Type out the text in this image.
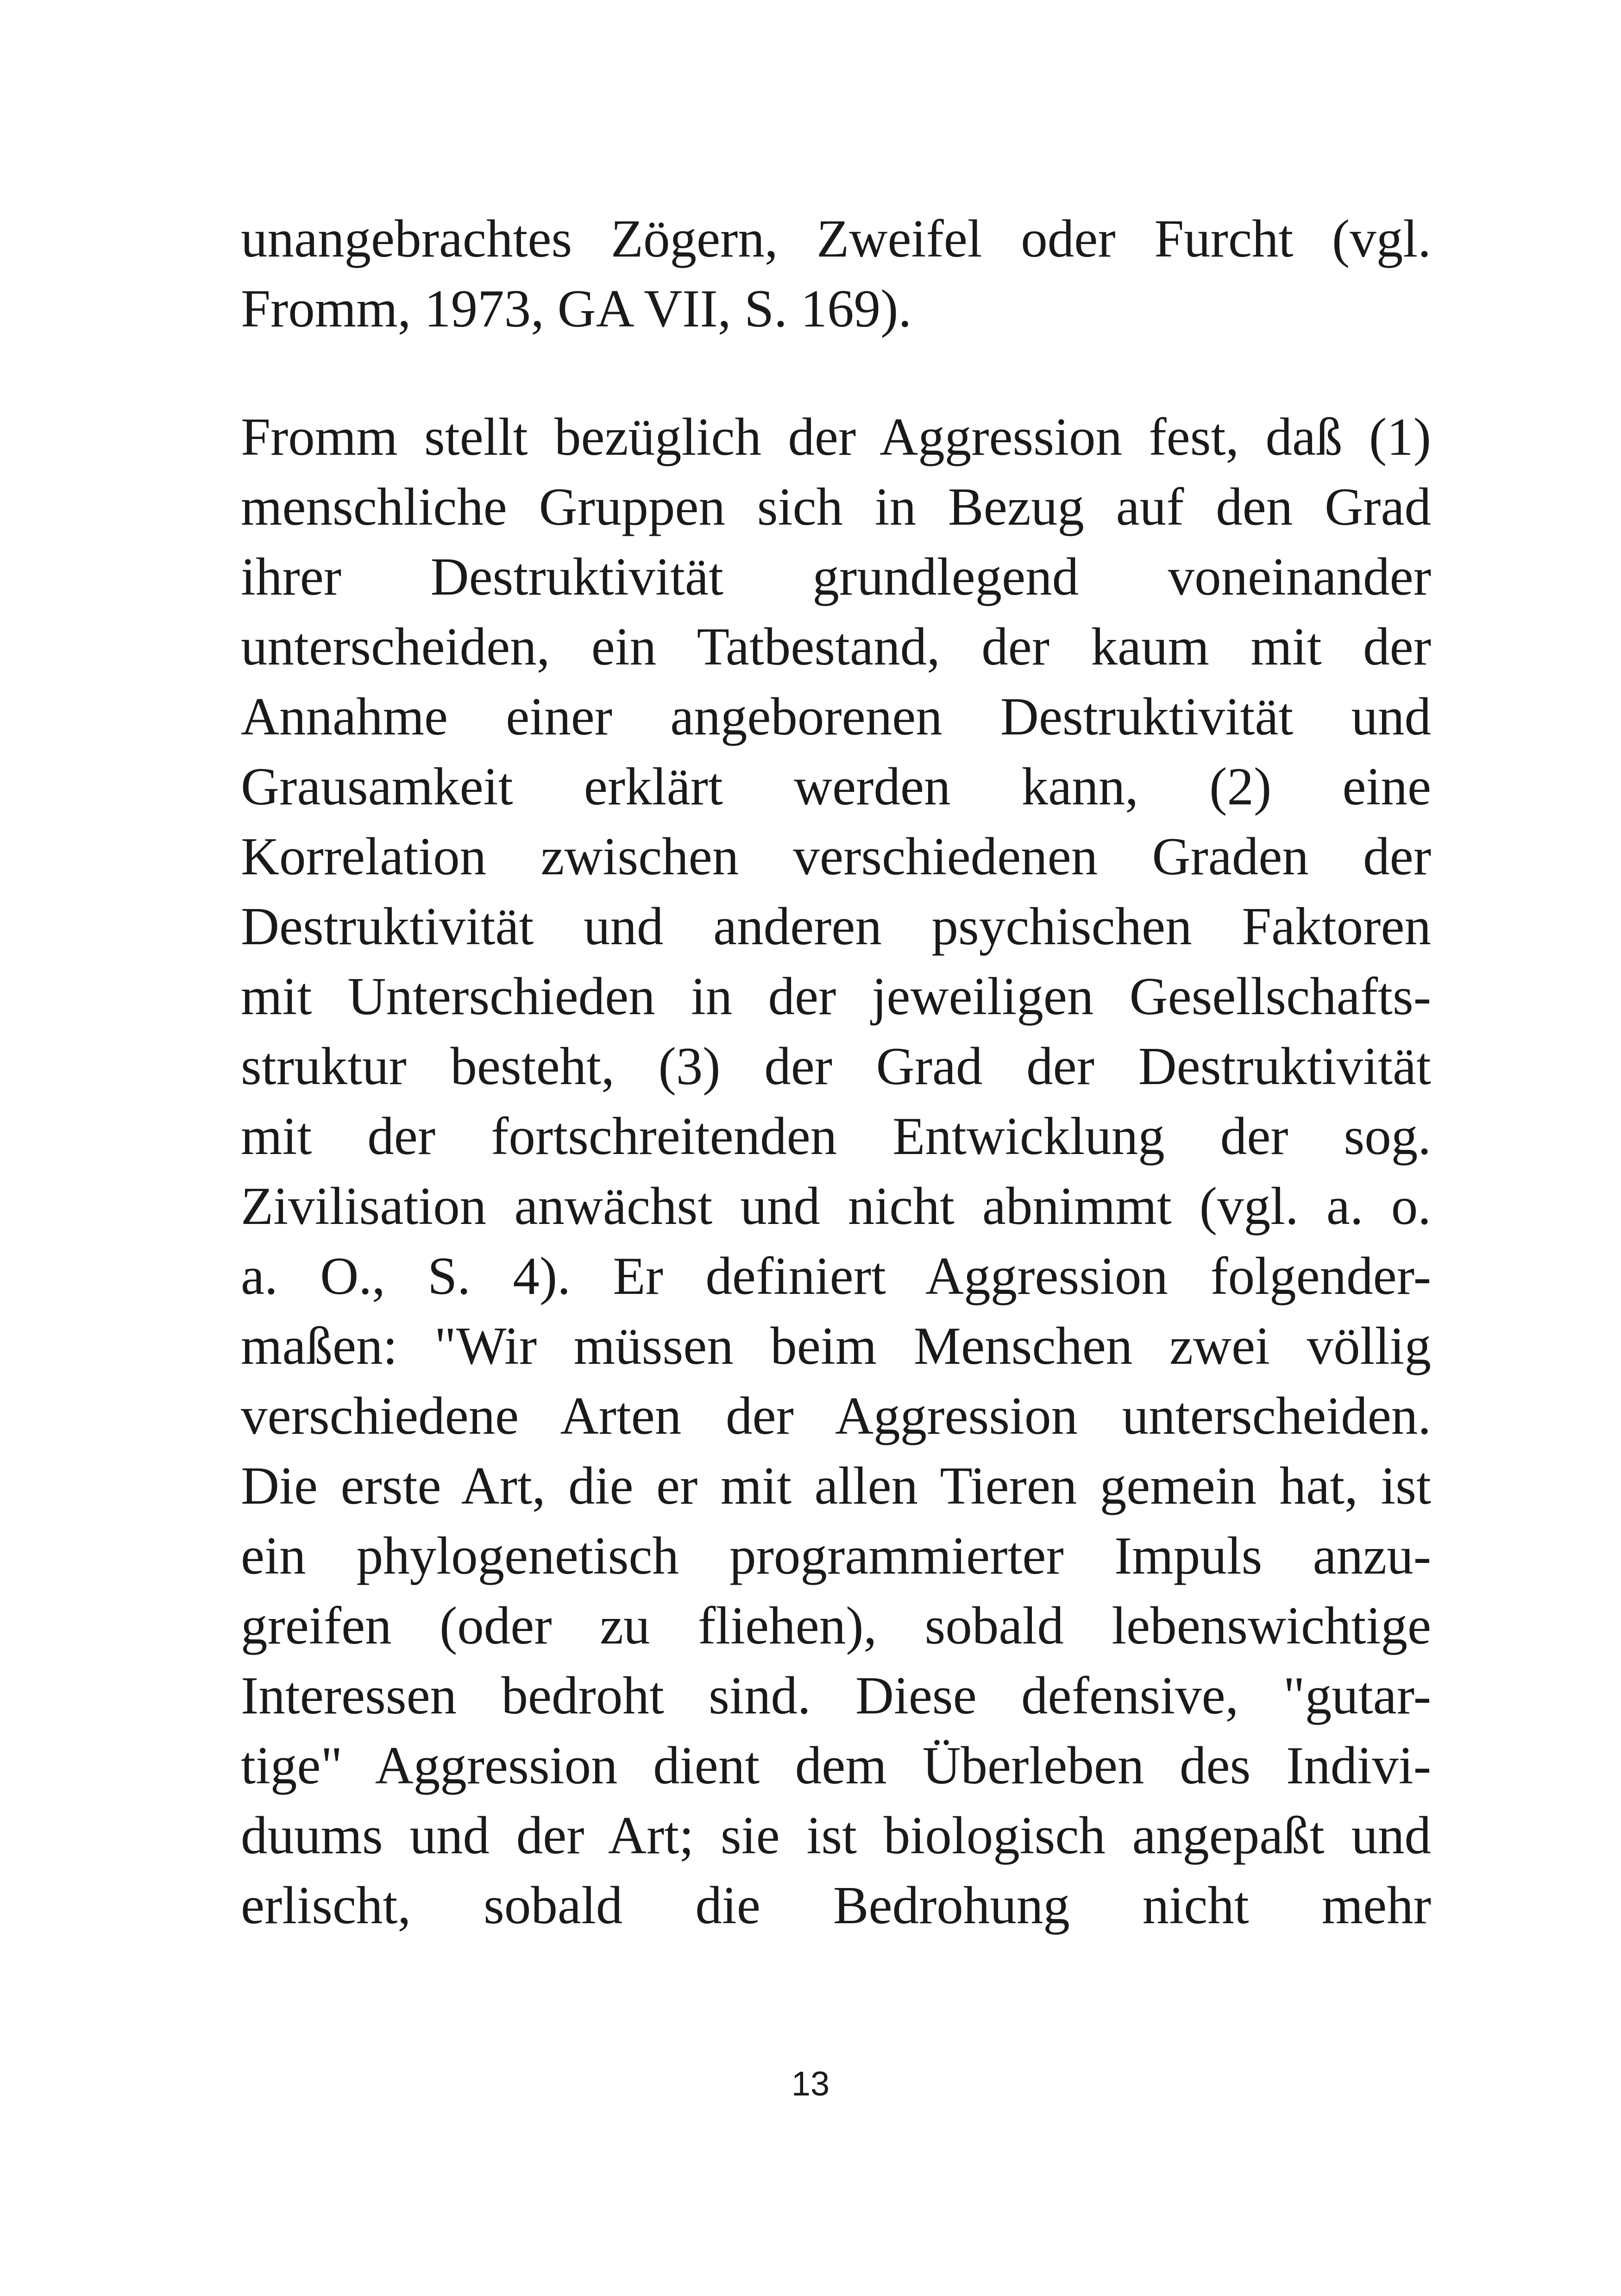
unangebrachtes Zögern, Zweifel oder Furcht (vgl.
Fromm, 1973, GA VII, S. 169).
Fromm stellt bezüglich der Aggression fest, daß (1)
menschliche Gruppen sich in Bezug auf den Grad
ihrer Destruktivität grundlegend voneinander
unterscheiden, ein Tatbestand, der kaum mit der
Annahme einer angeborenen Destruktivität und
Grausamkeit erklärt werden kann, (2) eine
Korrelation zwischen verschiedenen Graden der
Destruktivität und anderen psychischen Faktoren
mit Unterschieden in der jeweiligen Gesellschafts-
struktur besteht, (3) der Grad der Destruktivität
mit der fortschreitenden Entwicklung der sog.
Zivilisation anwächst und nicht abnimmt (vgl. a. o.
a. O., S. 4). Er definiert Aggression folgender-
maßen: "Wir müssen beim Menschen zwei völlig
verschiedene Arten der Aggression unterscheiden.
Die erste Art, die er mit allen Tieren gemein hat, ist
ein phylogenetisch programmierter Impuls anzu-
greifen (oder zu fliehen), sobald lebenswichtige
Interessen bedroht sind. Diese defensive, "gutar-
tige" Aggression dient dem Überleben des Indivi-
duums und der Art; sie ist biologisch angepaßt und
erlischt, sobald die Bedrohung nicht mehr
13
